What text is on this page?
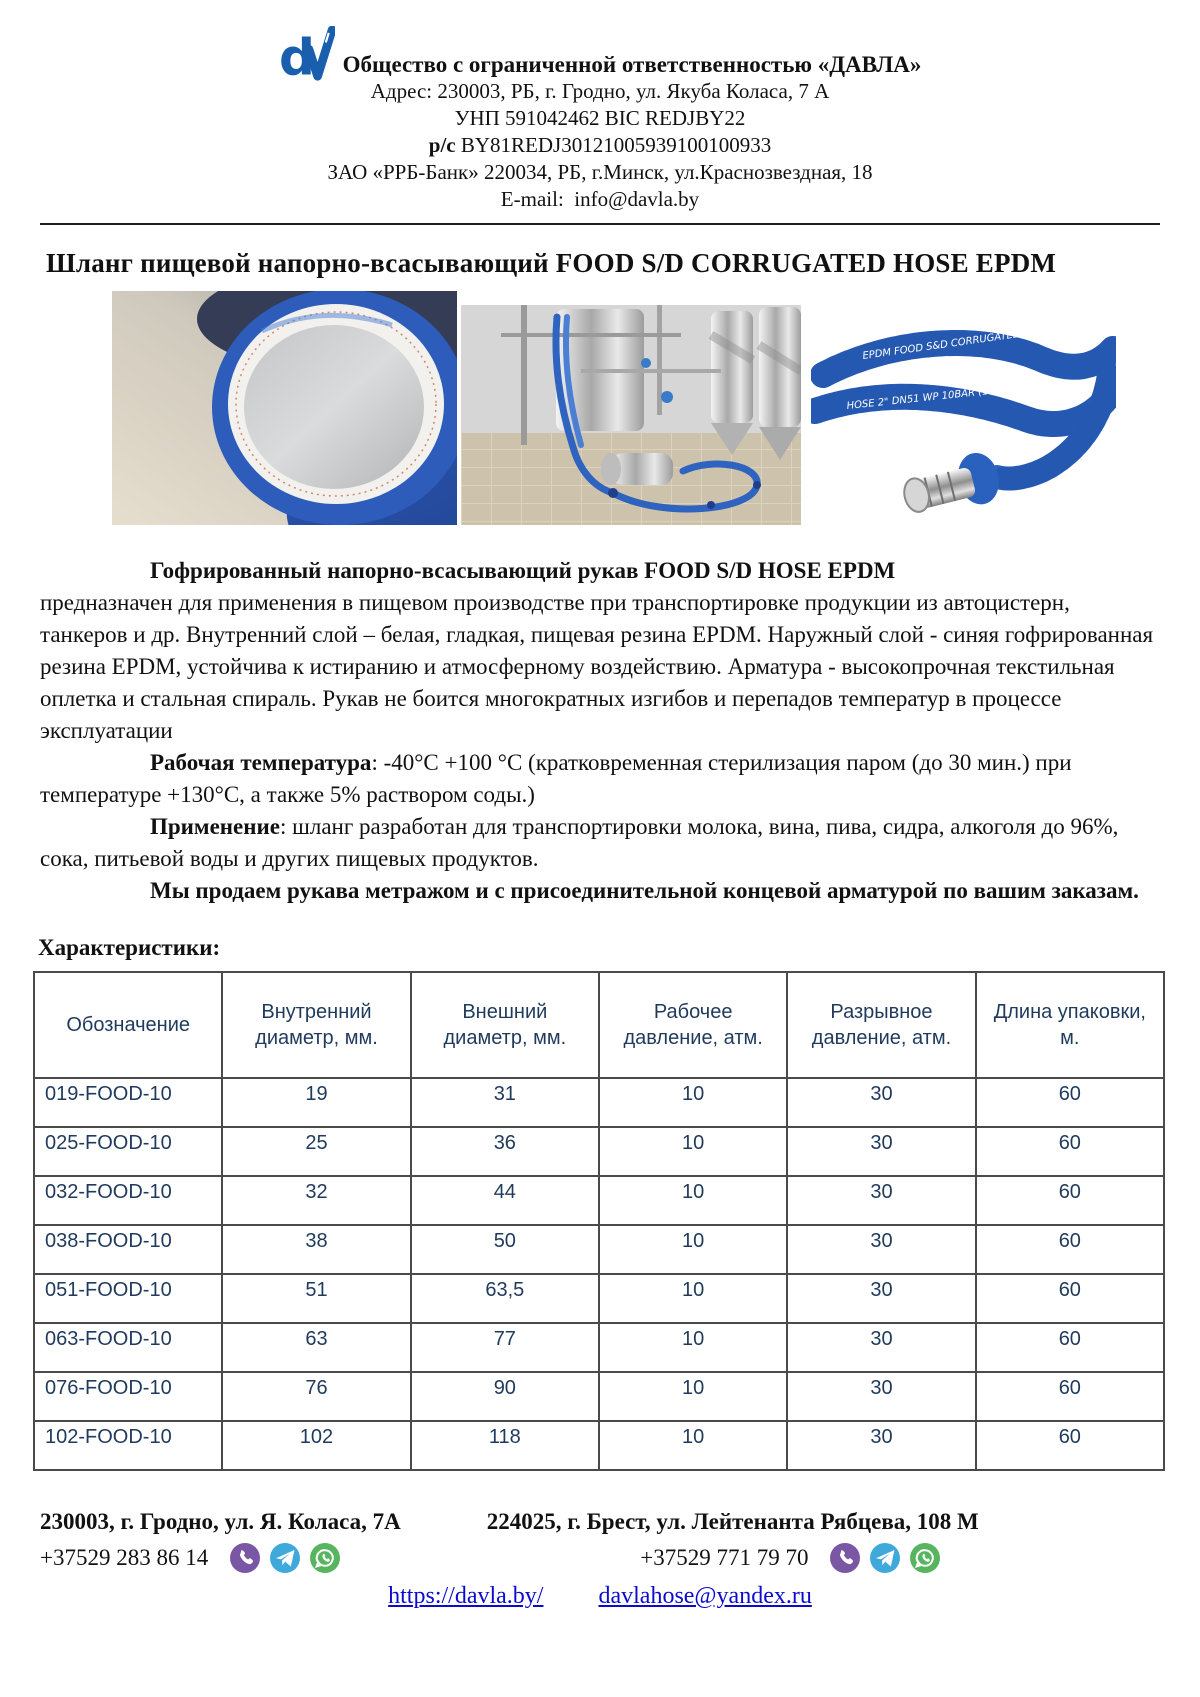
d Общество с ограниченной ответственностью «ДАВЛА»
Адрес: 230003, РБ, г. Гродно, ул. Якуба Коласа, 7 А
УНП 591042462 BIC REDJBY22
р/с BY81REDJ30121005939100100933
ЗАО «РРБ-Банк» 220034, РБ, г.Минск, ул.Краснозвездная, 18
E-mail: info@davla.by
Шланг пищевой напорно-всасывающий FOOD S/D CORRUGATED HOSE EPDM
EPDM FOOD S&D CORRUGATED HOSE
HOSE 2" DN51 WP 10BAR (150 psi)

Гофрированный напорно-всасывающий рукав FOOD S/D HOSE EPDM
предназначен для применения в пищевом производстве при транспортировке продукции из автоцистерн, танкеров и др. Внутренний слой – белая, гладкая, пищевая резина EPDM. Наружный слой - синяя гофрированная резина EPDM, устойчива к истиранию и атмосферному воздействию. Арматура - высокопрочная текстильная оплетка и стальная спираль. Рукав не боится многократных изгибов и перепадов температур в процессе эксплуатации

Рабочая температура: -40°С +100 °С (кратковременная стерилизация паром (до 30 мин.) при температуре +130°С, а также 5% раствором соды.)

Применение: шланг разработан для транспортировки молока, вина, пива, сидра, алкоголя до 96%, сока, питьевой воды и других пищевых продуктов.

Мы продаем рукава метражом и с присоединительной концевой арматурой по вашим заказам.

Характеристики:
Обозначение	Внутренний диаметр, мм.	Внешний диаметр, мм.	Рабочее давление, атм.	Разрывное давление, атм.	Длина упаковки, м.
019-FOOD-10	19	31	10	30	60
025-FOOD-10	25	36	10	30	60
032-FOOD-10	32	44	10	30	60
038-FOOD-10	38	50	10	30	60
051-FOOD-10	51	63,5	10	30	60
063-FOOD-10	63	77	10	30	60
076-FOOD-10	76	90	10	30	60
102-FOOD-10	102	118	10	30	60
230003, г. Гродно, ул. Я. Коласа, 7А	224025, г. Брест, ул. Лейтенанта Рябцева, 108 М
+37529 283 86 14	+37529 771 79 70
https://davla.by/ davlahose@yandex.ru
